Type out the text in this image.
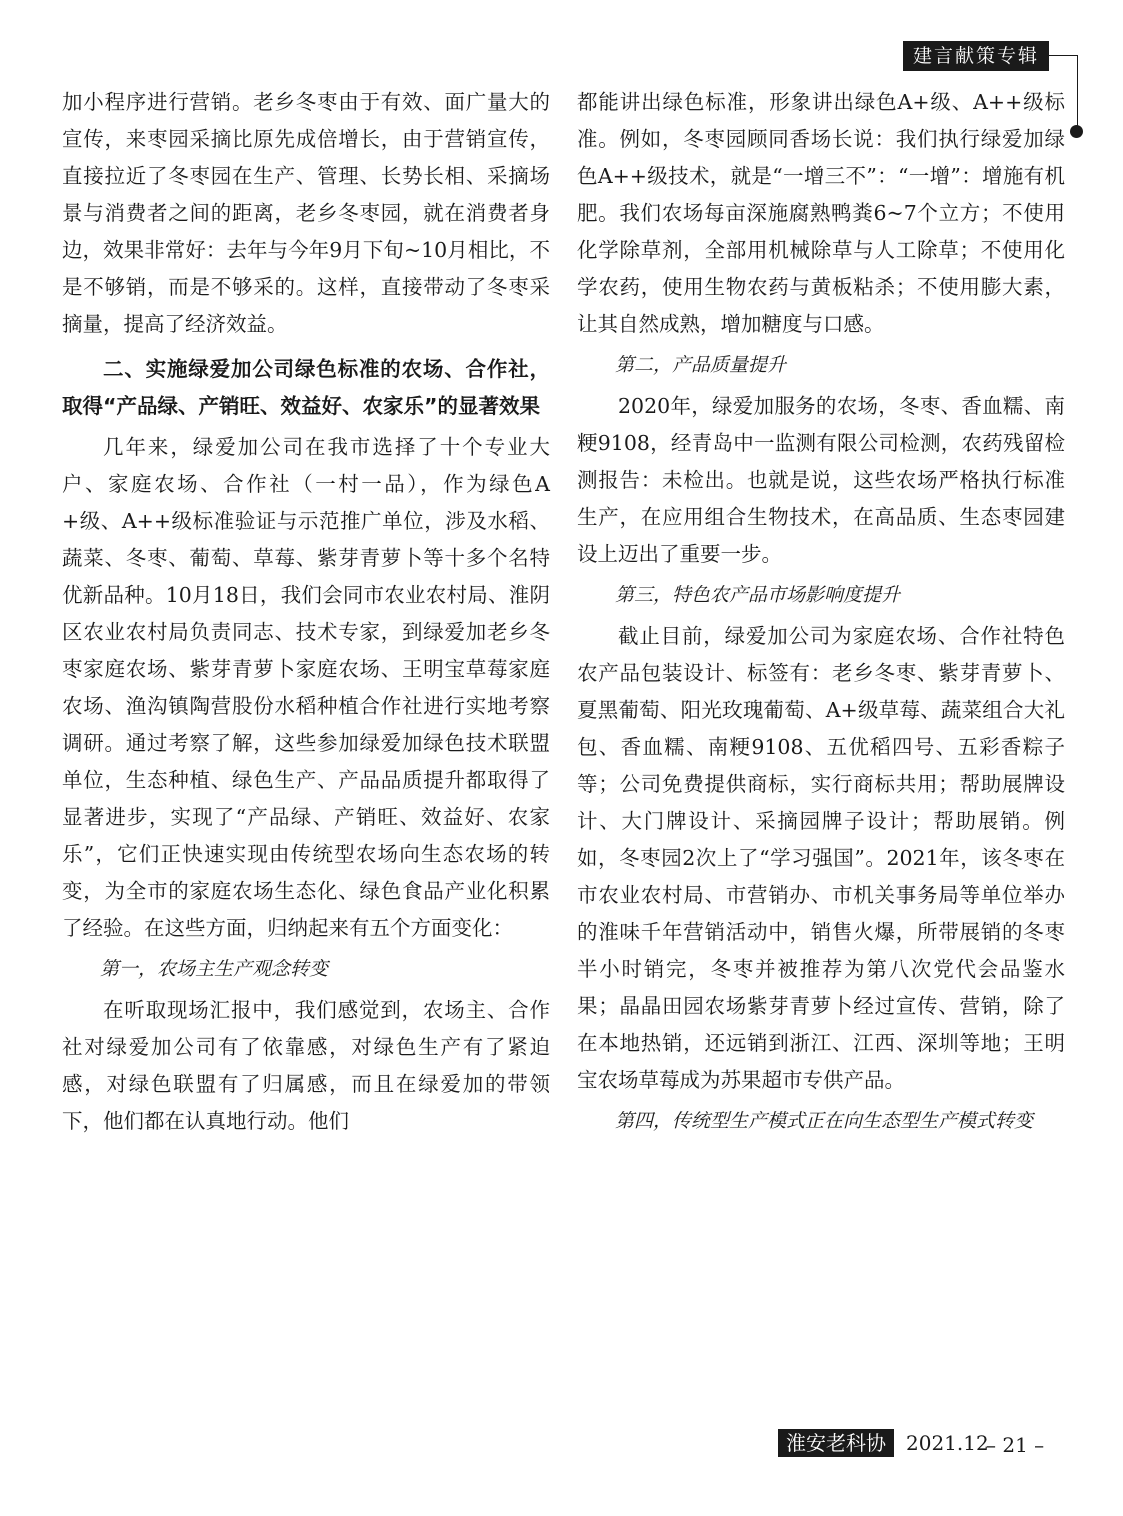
建言献策专辑

加小程序进行营销。老乡冬枣由于有效、面广量大的宣传，来枣园采摘比原先成倍增长，由于营销宣传，直接拉近了冬枣园在生产、管理、长势长相、采摘场景与消费者之间的距离，老乡冬枣园，就在消费者身边，效果非常好：去年与今年9月下旬~10月相比，不是不够销，而是不够采的。这样，直接带动了冬枣采摘量，提高了经济效益。

二、实施绿爱加公司绿色标准的农场、合作社，取得“产品绿、产销旺、效益好、农家乐”的显著效果

几年来，绿爱加公司在我市选择了十个专业大户、家庭农场、合作社（一村一品），作为绿色A+级、A++级标准验证与示范推广单位，涉及水稻、蔬菜、冬枣、葡萄、草莓、紫芽青萝卜等十多个名特优新品种。10月18日，我们会同市农业农村局、淮阴区农业农村局负责同志、技术专家，到绿爱加老乡冬枣家庭农场、紫芽青萝卜家庭农场、王明宝草莓家庭农场、渔沟镇陶营股份水稻种植合作社进行实地考察调研。通过考察了解，这些参加绿爱加绿色技术联盟单位，生态种植、绿色生产、产品品质提升都取得了显著进步，实现了“产品绿、产销旺、效益好、农家乐”，它们正快速实现由传统型农场向生态农场的转变，为全市的家庭农场生态化、绿色食品产业化积累了经验。在这些方面，归纳起来有五个方面变化：

第一，农场主生产观念转变

在听取现场汇报中，我们感觉到，农场主、合作社对绿爱加公司有了依靠感，对绿色生产有了紧迫感，对绿色联盟有了归属感，而且在绿爱加的带领下，他们都在认真地行动。他们

都能讲出绿色标准，形象讲出绿色A+级、A++级标准。例如，冬枣园顾同香场长说：我们执行绿爱加绿色A++级技术，就是“一增三不”：“一增”：增施有机肥。我们农场每亩深施腐熟鸭粪6~7个立方；不使用化学除草剂，全部用机械除草与人工除草；不使用化学农药，使用生物农药与黄板粘杀；不使用膨大素，让其自然成熟，增加糖度与口感。

第二，产品质量提升

2020年，绿爱加服务的农场，冬枣、香血糯、南粳9108，经青岛中一监测有限公司检测，农药残留检测报告：未检出。也就是说，这些农场严格执行标准生产，在应用组合生物技术，在高品质、生态枣园建设上迈出了重要一步。

第三，特色农产品市场影响度提升

截止目前，绿爱加公司为家庭农场、合作社特色农产品包装设计、标签有：老乡冬枣、紫芽青萝卜、夏黑葡萄、阳光玫瑰葡萄、A+级草莓、蔬菜组合大礼包、香血糯、南粳9108、五优稻四号、五彩香粽子等；公司免费提供商标，实行商标共用；帮助展牌设计、大门牌设计、采摘园牌子设计；帮助展销。例如，冬枣园2次上了“学习强国”。2021年，该冬枣在市农业农村局、市营销办、市机关事务局等单位举办的淮味千年营销活动中，销售火爆，所带展销的冬枣半小时销完，冬枣并被推荐为第八次党代会品鉴水果；晶晶田园农场紫芽青萝卜经过宣传、营销，除了在本地热销，还远销到浙江、江西、深圳等地；王明宝农场草莓成为苏果超市专供产品。

第四，传统型生产模式正在向生态型生产模式转变

淮安老科协	2021.12
– 21 –
